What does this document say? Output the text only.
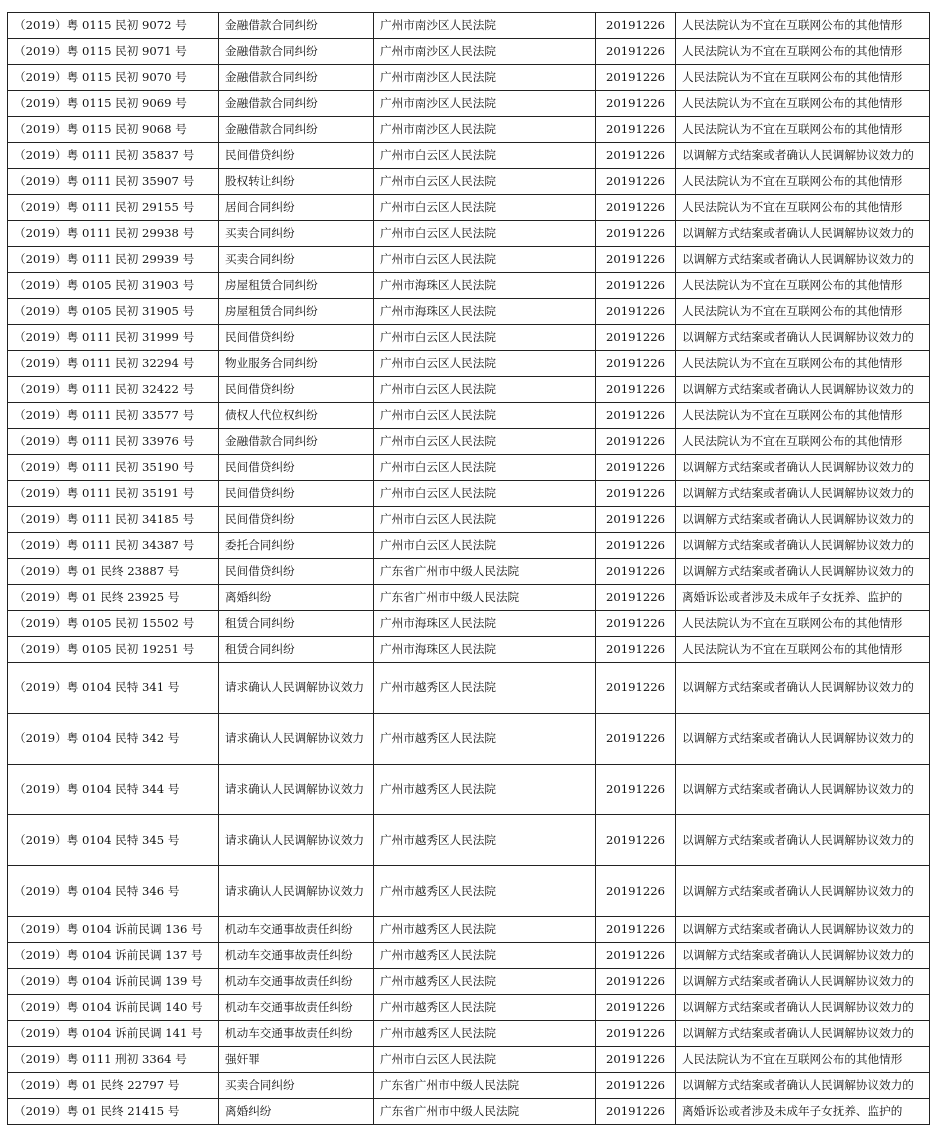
（2019）粤 0115 民初 9072 号	金融借款合同纠纷	广州市南沙区人民法院	20191226	人民法院认为不宜在互联网公布的其他情形
（2019）粤 0115 民初 9071 号	金融借款合同纠纷	广州市南沙区人民法院	20191226	人民法院认为不宜在互联网公布的其他情形
（2019）粤 0115 民初 9070 号	金融借款合同纠纷	广州市南沙区人民法院	20191226	人民法院认为不宜在互联网公布的其他情形
（2019）粤 0115 民初 9069 号	金融借款合同纠纷	广州市南沙区人民法院	20191226	人民法院认为不宜在互联网公布的其他情形
（2019）粤 0115 民初 9068 号	金融借款合同纠纷	广州市南沙区人民法院	20191226	人民法院认为不宜在互联网公布的其他情形
（2019）粤 0111 民初 35837 号	民间借贷纠纷	广州市白云区人民法院	20191226	以调解方式结案或者确认人民调解协议效力的
（2019）粤 0111 民初 35907 号	股权转让纠纷	广州市白云区人民法院	20191226	人民法院认为不宜在互联网公布的其他情形
（2019）粤 0111 民初 29155 号	居间合同纠纷	广州市白云区人民法院	20191226	人民法院认为不宜在互联网公布的其他情形
（2019）粤 0111 民初 29938 号	买卖合同纠纷	广州市白云区人民法院	20191226	以调解方式结案或者确认人民调解协议效力的
（2019）粤 0111 民初 29939 号	买卖合同纠纷	广州市白云区人民法院	20191226	以调解方式结案或者确认人民调解协议效力的
（2019）粤 0105 民初 31903 号	房屋租赁合同纠纷	广州市海珠区人民法院	20191226	人民法院认为不宜在互联网公布的其他情形
（2019）粤 0105 民初 31905 号	房屋租赁合同纠纷	广州市海珠区人民法院	20191226	人民法院认为不宜在互联网公布的其他情形
（2019）粤 0111 民初 31999 号	民间借贷纠纷	广州市白云区人民法院	20191226	以调解方式结案或者确认人民调解协议效力的
（2019）粤 0111 民初 32294 号	物业服务合同纠纷	广州市白云区人民法院	20191226	人民法院认为不宜在互联网公布的其他情形
（2019）粤 0111 民初 32422 号	民间借贷纠纷	广州市白云区人民法院	20191226	以调解方式结案或者确认人民调解协议效力的
（2019）粤 0111 民初 33577 号	债权人代位权纠纷	广州市白云区人民法院	20191226	人民法院认为不宜在互联网公布的其他情形
（2019）粤 0111 民初 33976 号	金融借款合同纠纷	广州市白云区人民法院	20191226	人民法院认为不宜在互联网公布的其他情形
（2019）粤 0111 民初 35190 号	民间借贷纠纷	广州市白云区人民法院	20191226	以调解方式结案或者确认人民调解协议效力的
（2019）粤 0111 民初 35191 号	民间借贷纠纷	广州市白云区人民法院	20191226	以调解方式结案或者确认人民调解协议效力的
（2019）粤 0111 民初 34185 号	民间借贷纠纷	广州市白云区人民法院	20191226	以调解方式结案或者确认人民调解协议效力的
（2019）粤 0111 民初 34387 号	委托合同纠纷	广州市白云区人民法院	20191226	以调解方式结案或者确认人民调解协议效力的
（2019）粤 01 民终 23887 号	民间借贷纠纷	广东省广州市中级人民法院	20191226	以调解方式结案或者确认人民调解协议效力的
（2019）粤 01 民终 23925 号	离婚纠纷	广东省广州市中级人民法院	20191226	离婚诉讼或者涉及未成年子女抚养、监护的
（2019）粤 0105 民初 15502 号	租赁合同纠纷	广州市海珠区人民法院	20191226	人民法院认为不宜在互联网公布的其他情形
（2019）粤 0105 民初 19251 号	租赁合同纠纷	广州市海珠区人民法院	20191226	人民法院认为不宜在互联网公布的其他情形
（2019）粤 0104 民特 341 号	请求确认人民调解协议效力	广州市越秀区人民法院	20191226	以调解方式结案或者确认人民调解协议效力的
（2019）粤 0104 民特 342 号	请求确认人民调解协议效力	广州市越秀区人民法院	20191226	以调解方式结案或者确认人民调解协议效力的
（2019）粤 0104 民特 344 号	请求确认人民调解协议效力	广州市越秀区人民法院	20191226	以调解方式结案或者确认人民调解协议效力的
（2019）粤 0104 民特 345 号	请求确认人民调解协议效力	广州市越秀区人民法院	20191226	以调解方式结案或者确认人民调解协议效力的
（2019）粤 0104 民特 346 号	请求确认人民调解协议效力	广州市越秀区人民法院	20191226	以调解方式结案或者确认人民调解协议效力的
（2019）粤 0104 诉前民调 136 号	机动车交通事故责任纠纷	广州市越秀区人民法院	20191226	以调解方式结案或者确认人民调解协议效力的
（2019）粤 0104 诉前民调 137 号	机动车交通事故责任纠纷	广州市越秀区人民法院	20191226	以调解方式结案或者确认人民调解协议效力的
（2019）粤 0104 诉前民调 139 号	机动车交通事故责任纠纷	广州市越秀区人民法院	20191226	以调解方式结案或者确认人民调解协议效力的
（2019）粤 0104 诉前民调 140 号	机动车交通事故责任纠纷	广州市越秀区人民法院	20191226	以调解方式结案或者确认人民调解协议效力的
（2019）粤 0104 诉前民调 141 号	机动车交通事故责任纠纷	广州市越秀区人民法院	20191226	以调解方式结案或者确认人民调解协议效力的
（2019）粤 0111 刑初 3364 号	强奸罪	广州市白云区人民法院	20191226	人民法院认为不宜在互联网公布的其他情形
（2019）粤 01 民终 22797 号	买卖合同纠纷	广东省广州市中级人民法院	20191226	以调解方式结案或者确认人民调解协议效力的
（2019）粤 01 民终 21415 号	离婚纠纷	广东省广州市中级人民法院	20191226	离婚诉讼或者涉及未成年子女抚养、监护的
